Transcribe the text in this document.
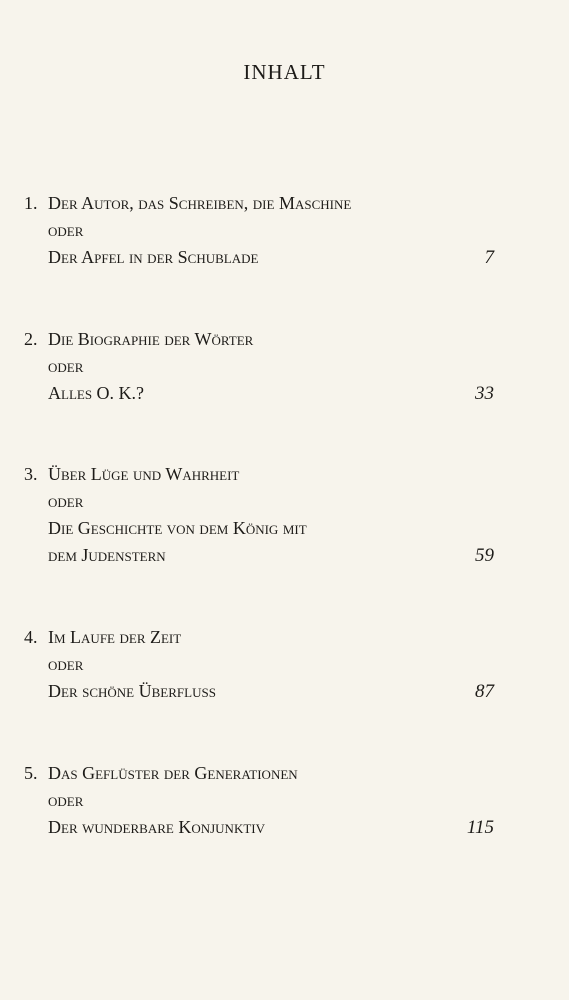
INHALT
1. Der Autor, das Schreiben, die Maschine
oder
Der Apfel in der Schublade	7
2. Die Biographie der Wörter
oder
Alles O. K.?	33
3. Über Lüge und Wahrheit
oder
Die Geschichte von dem König mit
dem Judenstern	59
4. Im Laufe der Zeit
oder
Der schöne Überfluss	87
5. Das Geflüster der Generationen
oder
Der wunderbare Konjunktiv	115
